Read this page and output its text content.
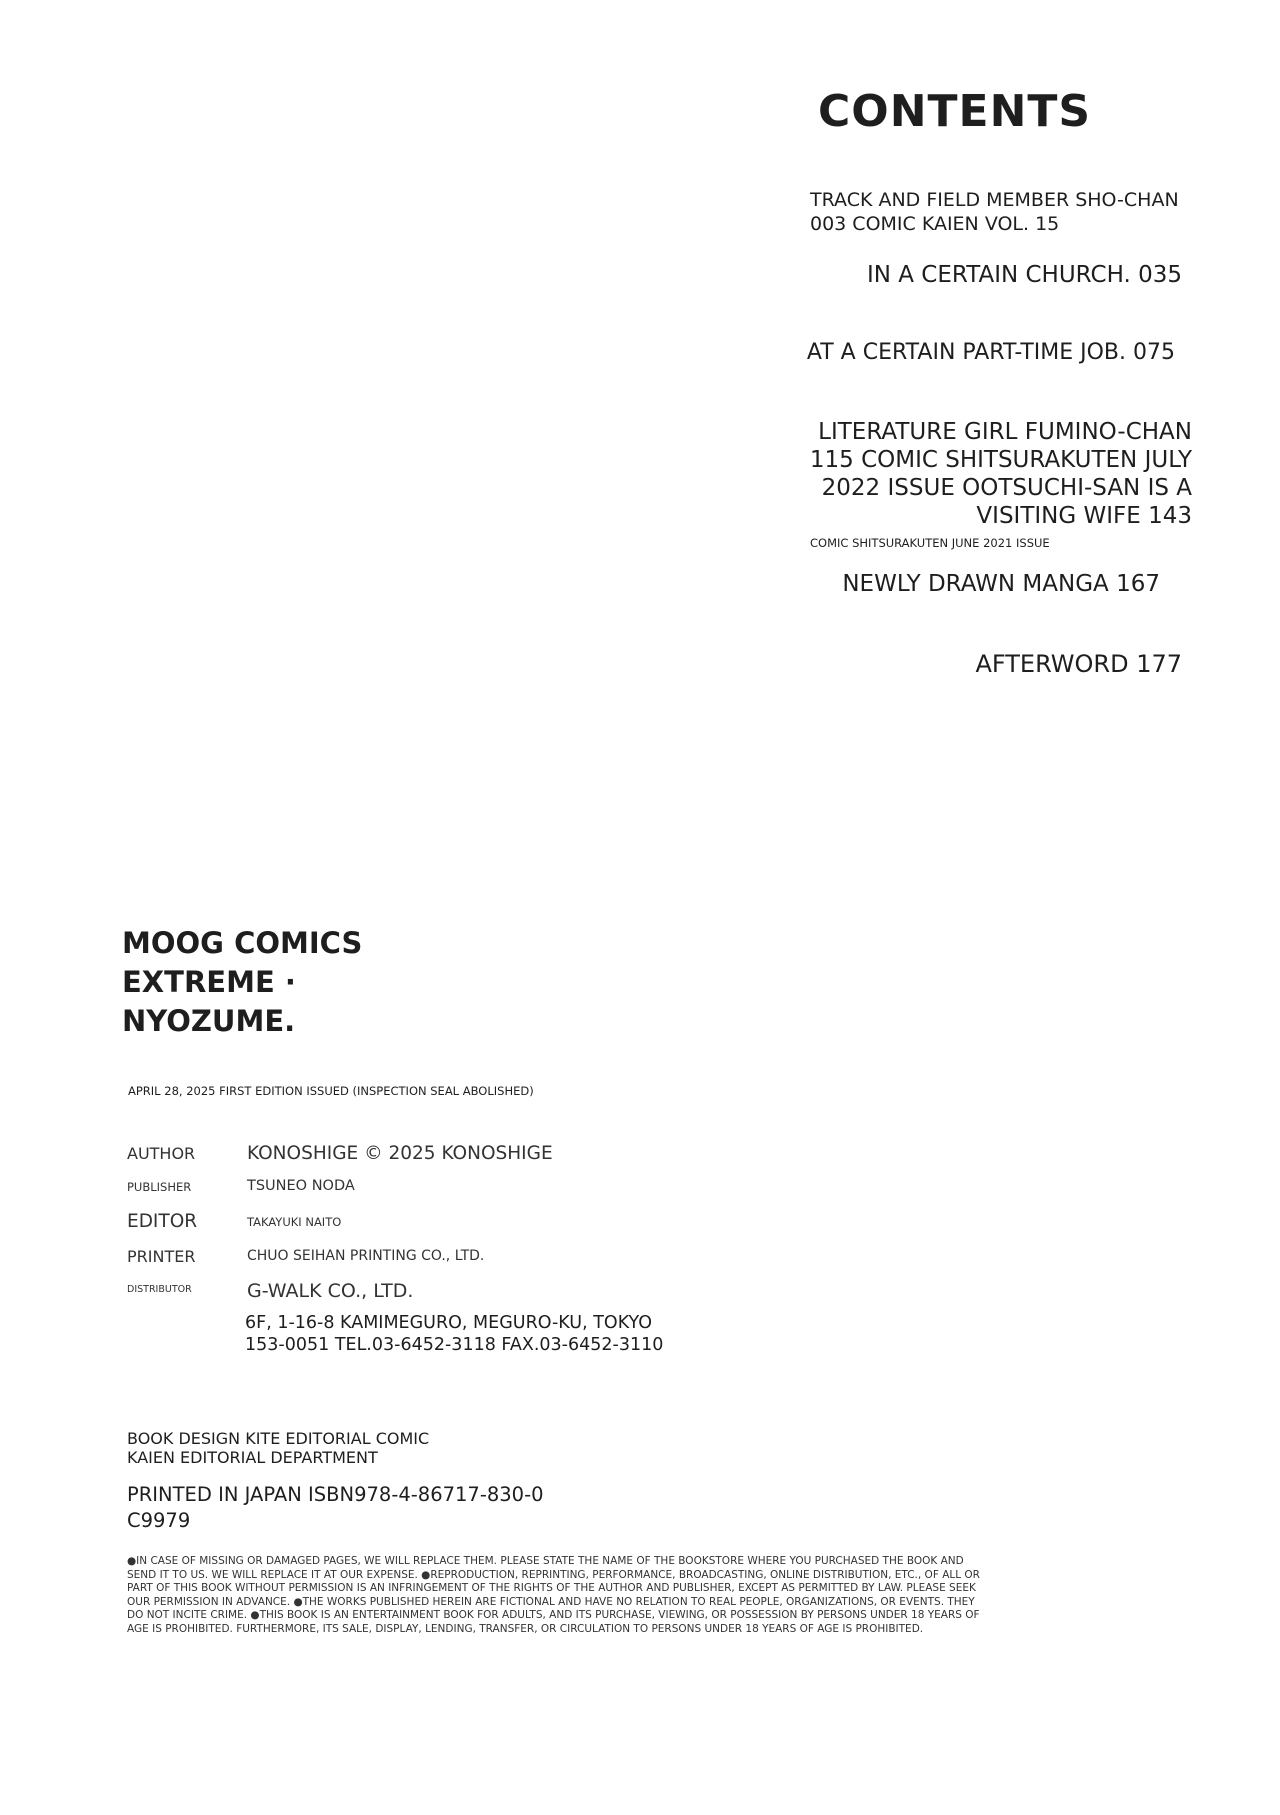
CONTENTS
TRACK AND FIELD MEMBER SHO-CHAN 003 COMIC KAIEN VOL. 15
IN A CERTAIN CHURCH. 035
AT A CERTAIN PART-TIME JOB. 075
LITERATURE GIRL FUMINO-CHAN 115 COMIC SHITSURAKUTEN JULY 2022 ISSUE OOTSUCHI-SAN IS A VISITING WIFE 143
COMIC SHITSURAKUTEN JUNE 2021 ISSUE
NEWLY DRAWN MANGA 167
AFTERWORD 177
MOOG COMICS
EXTREME ·
NYOZUME.
APRIL 28, 2025 FIRST EDITION ISSUED (INSPECTION SEAL ABOLISHED)
AUTHOR	KONOSHIGE © 2025 KONOSHIGE
PUBLISHER	TSUNEO NODA
EDITOR	TAKAYUKI NAITO
PRINTER	CHUO SEIHAN PRINTING CO., LTD.
DISTRIBUTOR	G-WALK CO., LTD.
6F, 1-16-8 KAMIMEGURO, MEGURO-KU, TOKYO
153-0051 TEL.03-6452-3118 FAX.03-6452-3110
BOOK DESIGN KITE EDITORIAL COMIC
KAIEN EDITORIAL DEPARTMENT
PRINTED IN JAPAN ISBN978-4-86717-830-0
C9979
●IN CASE OF MISSING OR DAMAGED PAGES, WE WILL REPLACE THEM. PLEASE STATE THE NAME OF THE BOOKSTORE WHERE YOU PURCHASED THE BOOK AND SEND IT TO US. WE WILL REPLACE IT AT OUR EXPENSE. ●REPRODUCTION, REPRINTING, PERFORMANCE, BROADCASTING, ONLINE DISTRIBUTION, ETC., OF ALL OR PART OF THIS BOOK WITHOUT PERMISSION IS AN INFRINGEMENT OF THE RIGHTS OF THE AUTHOR AND PUBLISHER, EXCEPT AS PERMITTED BY LAW. PLEASE SEEK OUR PERMISSION IN ADVANCE. ●THE WORKS PUBLISHED HEREIN ARE FICTIONAL AND HAVE NO RELATION TO REAL PEOPLE, ORGANIZATIONS, OR EVENTS. THEY DO NOT INCITE CRIME. ●THIS BOOK IS AN ENTERTAINMENT BOOK FOR ADULTS, AND ITS PURCHASE, VIEWING, OR POSSESSION BY PERSONS UNDER 18 YEARS OF AGE IS PROHIBITED. FURTHERMORE, ITS SALE, DISPLAY, LENDING, TRANSFER, OR CIRCULATION TO PERSONS UNDER 18 YEARS OF AGE IS PROHIBITED.
